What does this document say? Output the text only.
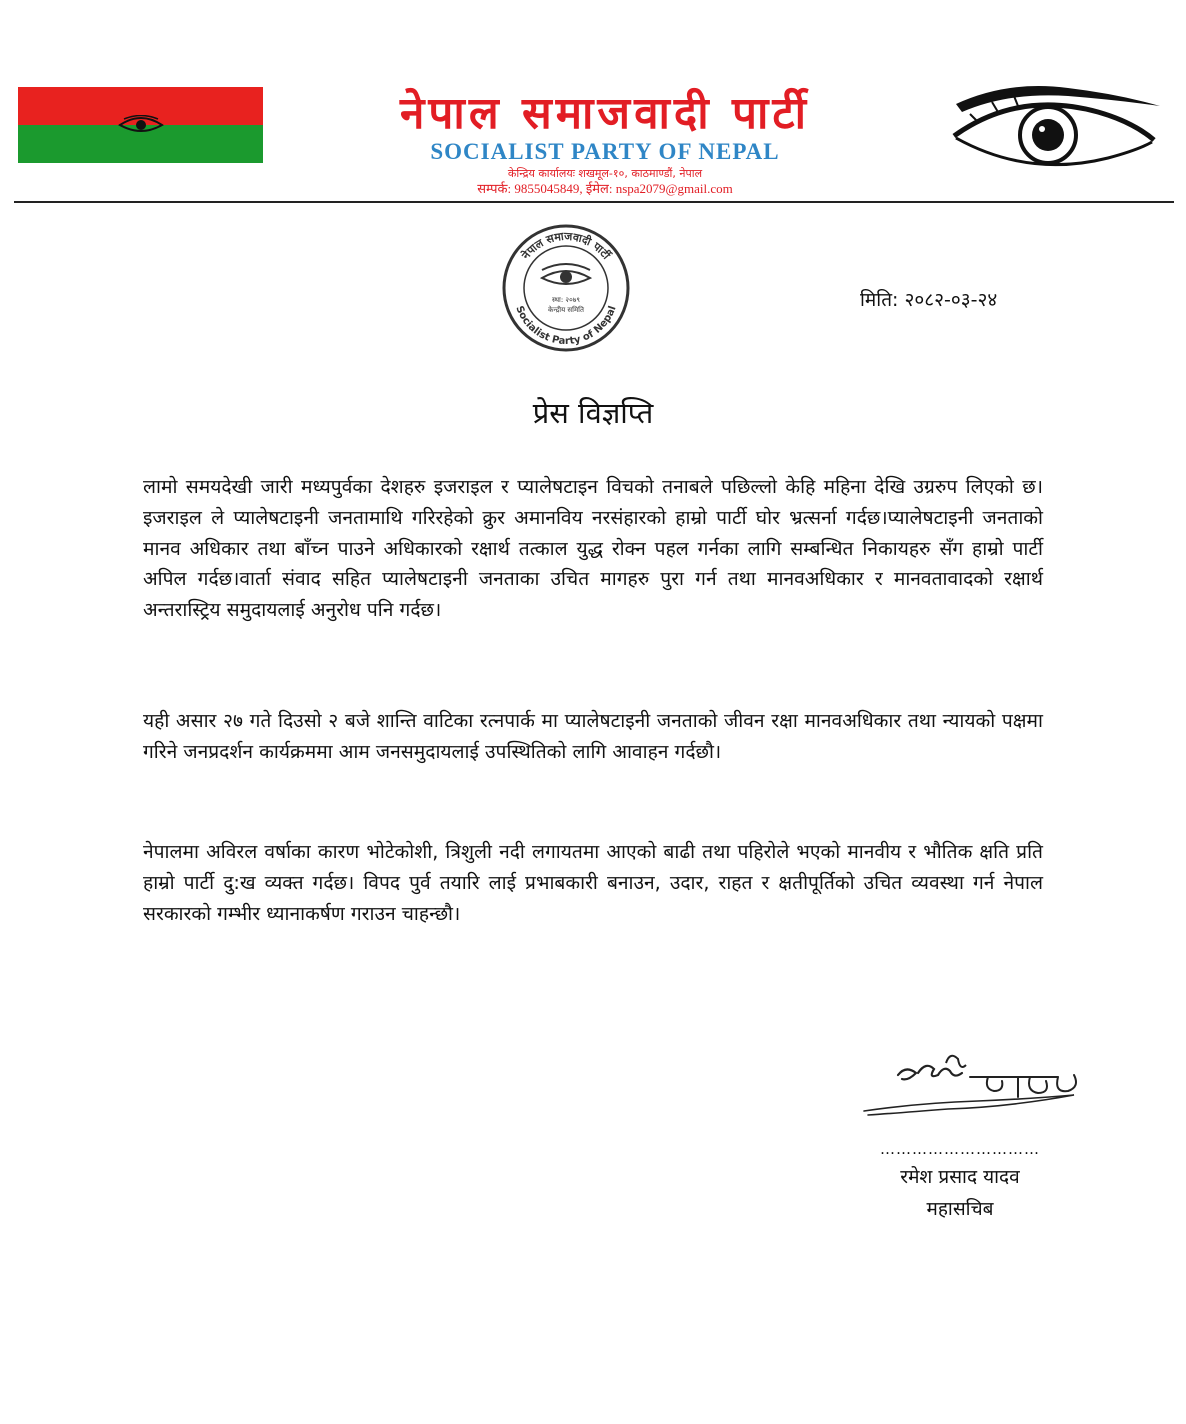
नेपाल समाजवादी पार्टी
SOCIALIST PARTY OF NEPAL
केन्द्रिय कार्यालयः शखमूल-१०, काठमाण्डौं, नेपाल
सम्पर्क: 9855045849, ईमेल: nspa2079@gmail.com
नेपाल समाजवादी पार्टी
Socialist Party of Nepal
स्था: २०७९
केन्द्रीय समिति	मिति: २०८२-०३-२४
प्रेस विज्ञप्ति

लामो समयदेखी जारी मध्यपुर्वका देशहरु इजराइल र प्यालेषटाइन विचको तनाबले पछिल्लो केहि महिना देखि उग्ररुप लिएको छ।इजराइल ले प्यालेषटाइनी जनतामाथि गरिरहेको क्रुर अमानविय नरसंहारको हाम्रो पार्टी घोर भ्रत्सर्ना गर्दछ।प्यालेषटाइनी जनताको मानव अधिकार तथा बाँच्न पाउने अधिकारको रक्षार्थ तत्काल युद्ध रोक्न पहल गर्नका लागि सम्बन्धित निकायहरु सँग हाम्रो पार्टी अपिल गर्दछ।वार्ता संवाद सहित प्यालेषटाइनी जनताका उचित मागहरु पुरा गर्न तथा मानवअधिकार र मानवतावादको रक्षार्थ अन्तरास्ट्रिय समुदायलाई अनुरोध पनि गर्दछ।

यही असार २७ गते दिउसो २ बजे शान्ति वाटिका रत्नपार्क मा प्यालेषटाइनी जनताको जीवन रक्षा मानवअधिकार तथा न्यायको पक्षमा गरिने जनप्रदर्शन कार्यक्रममा आम जनसमुदायलाई उपस्थितिको लागि आवाहन गर्दछौ।

नेपालमा अविरल वर्षाका कारण भोटेकोशी, त्रिशुली नदी लगायतमा आएको बाढी तथा पहिरोले भएको मानवीय र भौतिक क्षति प्रति हाम्रो पार्टी दु:ख व्यक्त गर्दछ। विपद पुर्व तयारि लाई प्रभाबकारी बनाउन, उदार, राहत र क्षतीपूर्तिको उचित व्यवस्था गर्न नेपाल सरकारको गम्भीर ध्यानाकर्षण गराउन चाहन्छौ।

…………………………
रमेश प्रसाद यादव
महासचिब
